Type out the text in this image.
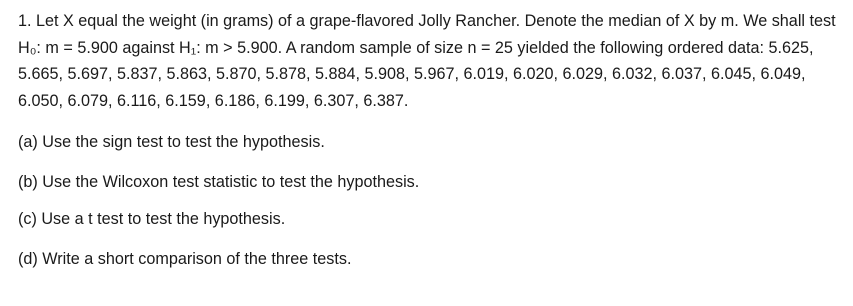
1. Let X equal the weight (in grams) of a grape-flavored Jolly Rancher. Denote the median of X by m. We shall test H₀: m = 5.900 against H₁: m > 5.900. A random sample of size n = 25 yielded the following ordered data: 5.625, 5.665, 5.697, 5.837, 5.863, 5.870, 5.878, 5.884, 5.908, 5.967, 6.019, 6.020, 6.029, 6.032, 6.037, 6.045, 6.049, 6.050, 6.079, 6.116, 6.159, 6.186, 6.199, 6.307, 6.387.

(a) Use the sign test to test the hypothesis.

(b) Use the Wilcoxon test statistic to test the hypothesis.

(c) Use a t test to test the hypothesis.

(d) Write a short comparison of the three tests.
